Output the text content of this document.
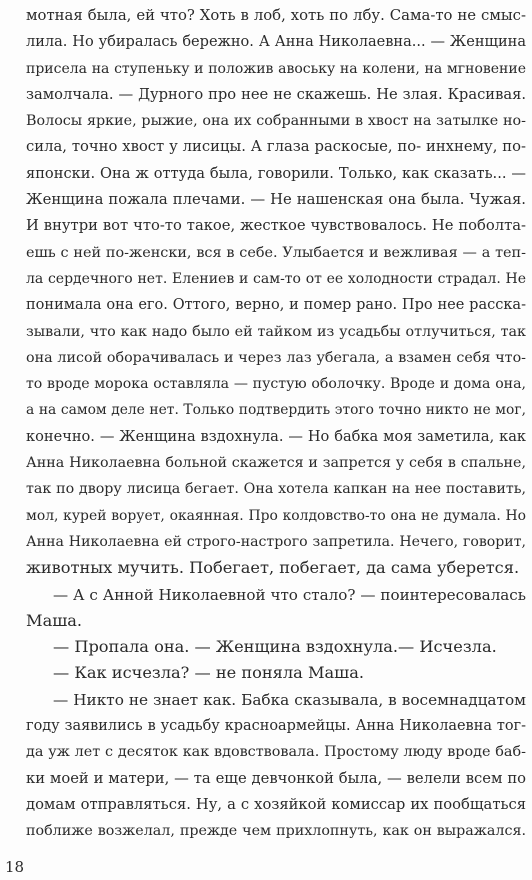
мотная была, ей что? Хоть в лоб, хоть по лбу. Сама-то не смыс-
лила. Но убиралась бережно. А Анна Николаевна... — Женщина
присела на ступеньку и положив авоську на колени, на мгновение
замолчала. — Дурного про нее не скажешь. Не злая. Красивая.
Волосы яркие, рыжие, она их собранными в хвост на затылке но-
сила, точно хвост у лисицы. А глаза раскосые, по- инхнему, по-
японски. Она ж оттуда была, говорили. Только, как сказать... —
Женщина пожала плечами. — Не нашенская она была. Чужая.
И внутри вот что-то такое, жесткое чувствовалось. Не поболта-
ешь с ней по-женски, вся в себе. Улыбается и вежливая — а теп-
ла сердечного нет. Елениев и сам-то от ее холодности страдал. Не
понимала она его. Оттого, верно, и помер рано. Про нее расска-
зывали, что как надо было ей тайком из усадьбы отлучиться, так
она лисой оборачивалась и через лаз убегала, а взамен себя что-
то вроде морока оставляла — пустую оболочку. Вроде и дома она,
а на самом деле нет. Только подтвердить этого точно никто не мог,
конечно. — Женщина вздохнула. — Но бабка моя заметила, как
Анна Николаевна больной скажется и запрется у себя в спальне,
так по двору лисица бегает. Она хотела капкан на нее поставить,
мол, курей ворует, окаянная. Про колдовство-то она не думала. Но
Анна Николаевна ей строго-настрого запретила. Нечего, говорит,
животных мучить. Побегает, побегает, да сама уберется.
— А с Анной Николаевной что стало? — поинтересовалась
Маша.
— Пропала она. — Женщина вздохнула.— Исчезла.
— Как исчезла? — не поняла Маша.
— Никто не знает как. Бабка сказывала, в восемнадцатом
году заявились в усадьбу красноармейцы. Анна Николаевна тог-
да уж лет с десяток как вдовствовала. Простому люду вроде баб-
ки моей и матери, — та еще девчонкой была, — велели всем по
домам отправляться. Ну, а с хозяйкой комиссар их пообщаться
поближе возжелал, прежде чем прихлопнуть, как он выражался.
18
